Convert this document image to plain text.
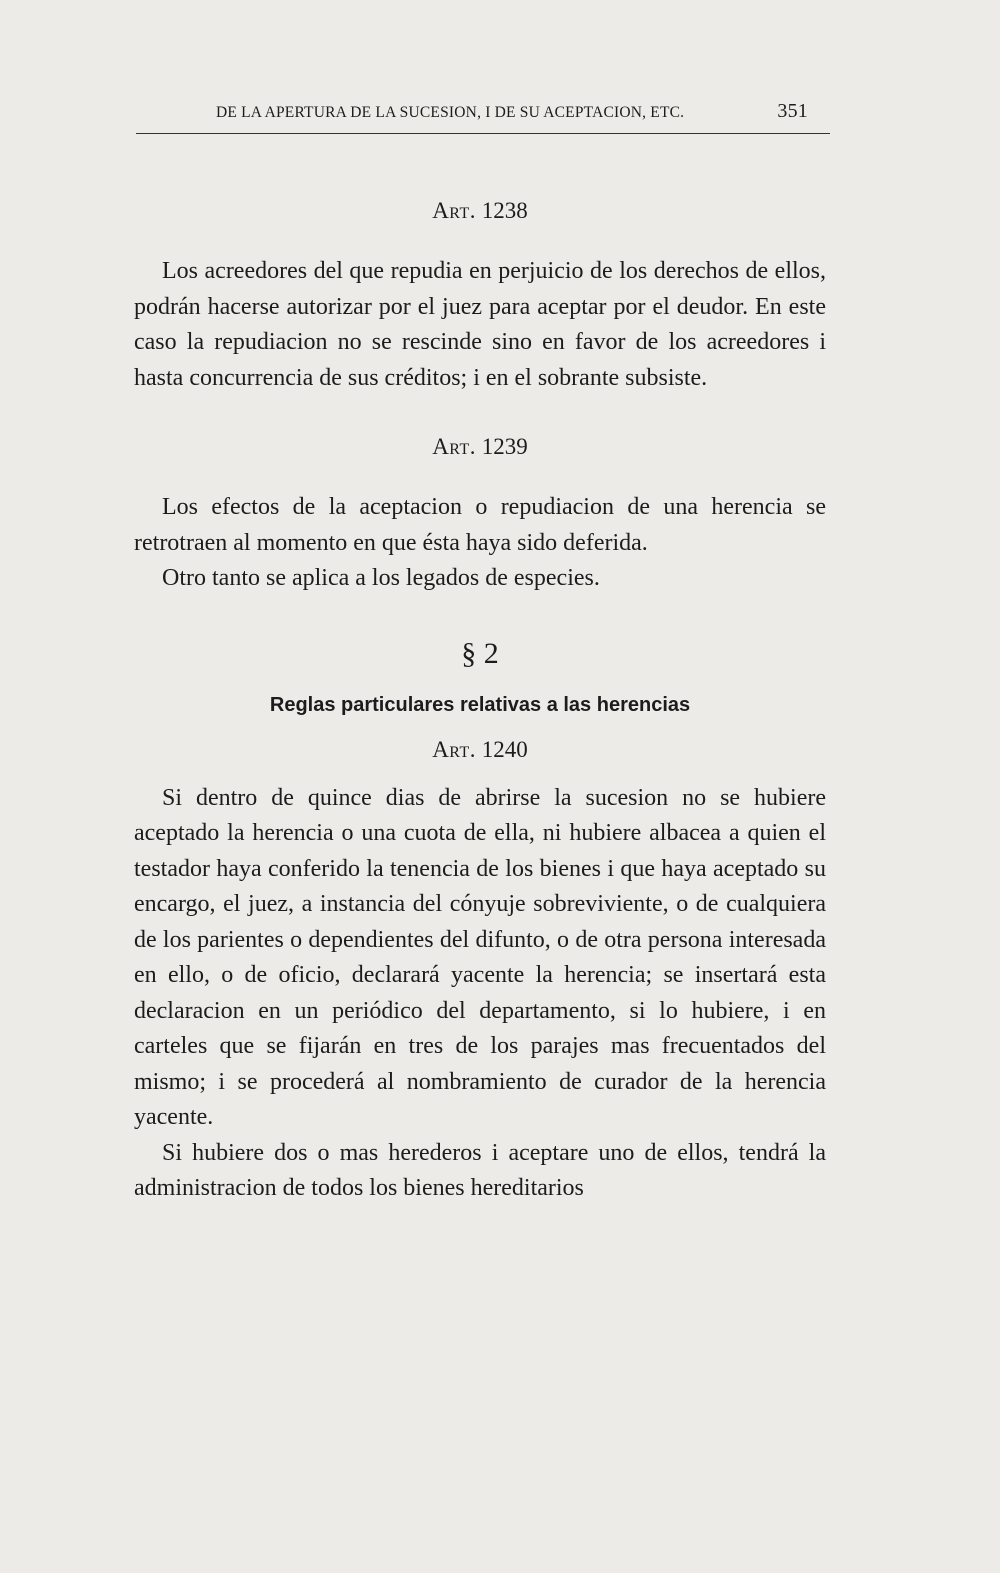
DE LA APERTURA DE LA SUCESION, I DE SU ACEPTACION, ETC.	351
Art. 1238

Los acreedores del que repudia en perjuicio de los derechos de ellos, podrán hacerse autorizar por el juez para aceptar por el deudor. En este caso la repudiacion no se rescinde sino en favor de los acreedores i hasta concurrencia de sus créditos; i en el sobrante subsiste.

Art. 1239

Los efectos de la aceptacion o repudiacion de una herencia se retrotraen al momento en que ésta haya sido deferida.

Otro tanto se aplica a los legados de especies.

§ 2
Reglas particulares relativas a las herencias
Art. 1240

Si dentro de quince dias de abrirse la sucesion no se hubiere aceptado la herencia o una cuota de ella, ni hubiere albacea a quien el testador haya conferido la tenencia de los bienes i que haya aceptado su encargo, el juez, a instancia del cónyuje sobreviviente, o de cualquiera de los parientes o dependientes del difunto, o de otra persona interesada en ello, o de oficio, declarará yacente la herencia; se insertará esta declaracion en un periódico del departamento, si lo hubiere, i en carteles que se fijarán en tres de los parajes mas frecuentados del mismo; i se procederá al nombramiento de curador de la herencia yacente.

Si hubiere dos o mas herederos i aceptare uno de ellos, tendrá la administracion de todos los bienes hereditarios
